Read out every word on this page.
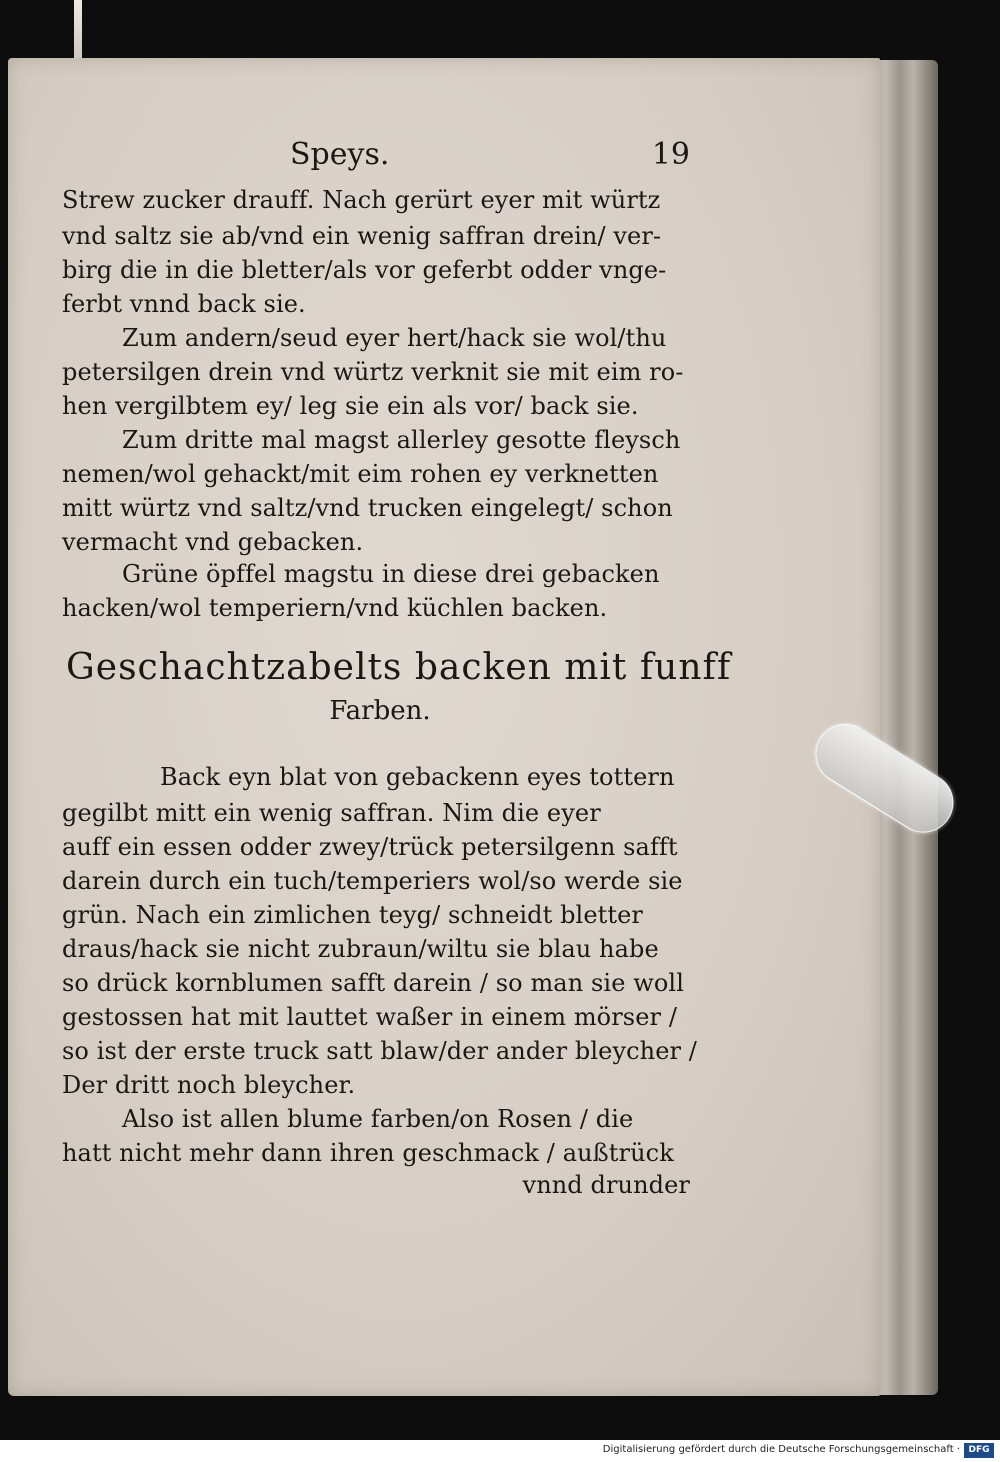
Speys.	19
Strew zucker drauff. Nach gerürt eyer mit würtz
vnd saltz sie ab/vnd ein wenig saffran drein/ ver-
birg die in die bletter/als vor geferbt odder vnge-
ferbt vnnd back sie.
Zum andern/seud eyer hert/hack sie wol/thu
petersilgen drein vnd würtz verknit sie mit eim ro-
hen vergilbtem ey/ leg sie ein als vor/ back sie.
Zum dritte mal magst allerley gesotte fleysch
nemen/wol gehackt/mit eim rohen ey verknetten
mitt würtz vnd saltz/vnd trucken eingelegt/ schon
vermacht vnd gebacken.
Grüne öpffel magstu in diese drei gebacken
hacken/wol temperiern/vnd küchlen backen.
Geschachtzabelts backen mit funff
Farben.
Back eyn blat von gebackenn eyes tottern
gegilbt mitt ein wenig saffran. Nim die eyer
auff ein essen odder zwey/trück petersilgenn safft
darein durch ein tuch/temperiers wol/so werde sie
grün. Nach ein zimlichen teyg/ schneidt bletter
draus/hack sie nicht zubraun/wiltu sie blau habe
so drück kornblumen safft darein / so man sie woll
gestossen hat mit lauttet waßer in einem mörser /
so ist der erste truck satt blaw/der ander bleycher /
Der dritt noch bleycher.
Also ist allen blume farben/on Rosen / die
hatt nicht mehr dann ihren geschmack / außtrück
vnnd drunder
Digitalisierung gefördert durch die Deutsche Forschungsgemeinschaft · DFG
